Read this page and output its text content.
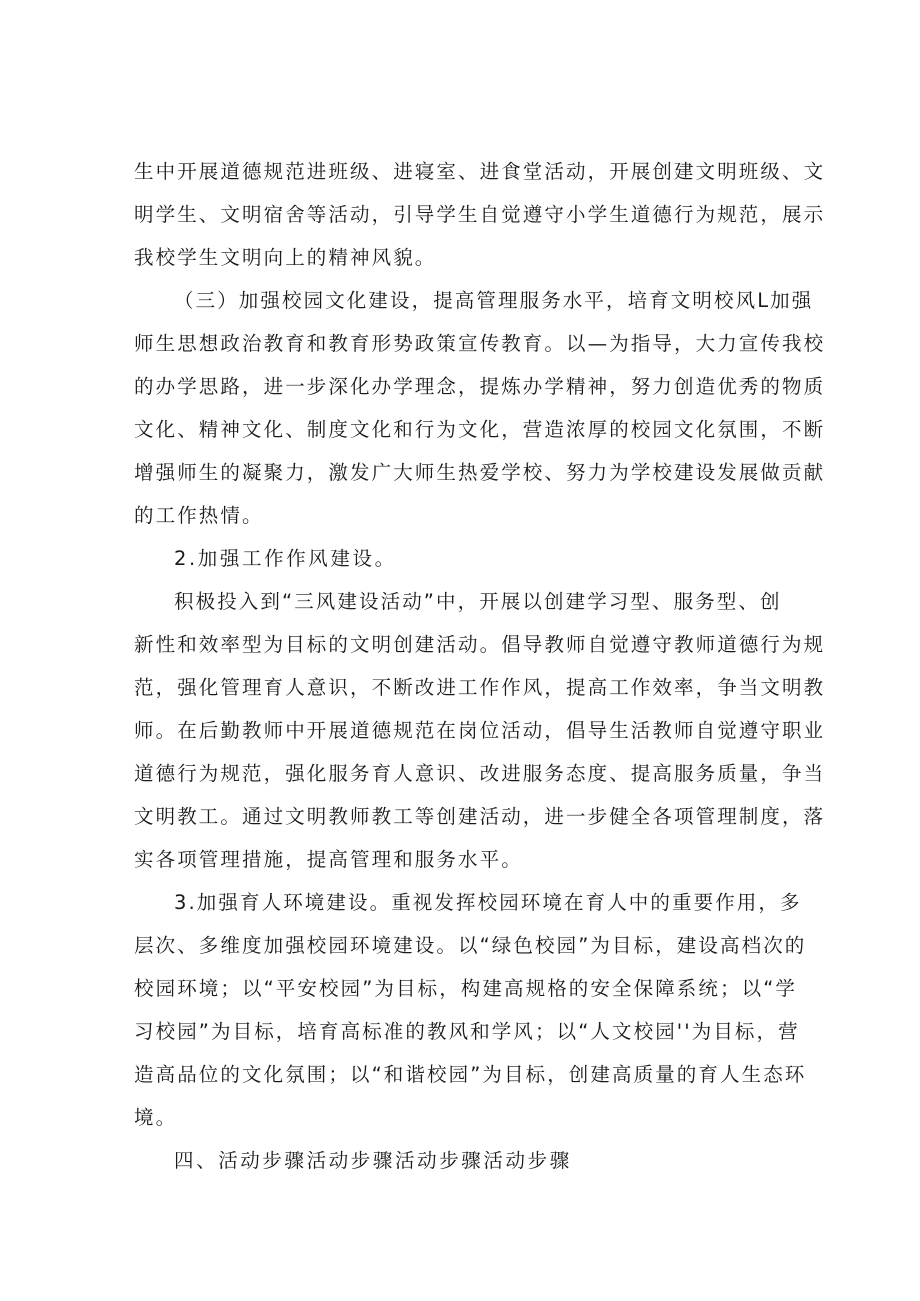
生中开展道德规范进班级、进寝室、进食堂活动，开展创建文明班级、文
明学生、文明宿舍等活动，引导学生自觉遵守小学生道德行为规范，展示
我校学生文明向上的精神风貌。
（三）加强校园文化建设，提高管理服务水平，培育文明校风L加强
师生思想政治教育和教育形势政策宣传教育。以—为指导，大力宣传我校
的办学思路，进一步深化办学理念，提炼办学精神，努力创造优秀的物质
文化、精神文化、制度文化和行为文化，营造浓厚的校园文化氛围，不断
增强师生的凝聚力，激发广大师生热爱学校、努力为学校建设发展做贡献
的工作热情。
2.加强工作作风建设。
积极投入到“三风建设活动”中，开展以创建学习型、服务型、创
新性和效率型为目标的文明创建活动。倡导教师自觉遵守教师道德行为规
范，强化管理育人意识，不断改进工作作风，提高工作效率，争当文明教
师。在后勤教师中开展道德规范在岗位活动，倡导生活教师自觉遵守职业
道德行为规范，强化服务育人意识、改进服务态度、提高服务质量，争当
文明教工。通过文明教师教工等创建活动，进一步健全各项管理制度，落
实各项管理措施，提高管理和服务水平。
3.加强育人环境建设。重视发挥校园环境在育人中的重要作用，多
层次、多维度加强校园环境建设。以“绿色校园”为目标，建设高档次的
校园环境；以“平安校园”为目标，构建高规格的安全保障系统；以“学
习校园”为目标，培育高标准的教风和学风；以“人文校园''为目标，营
造高品位的文化氛围；以“和谐校园”为目标，创建高质量的育人生态环
境。
四、活动步骤活动步骤活动步骤活动步骤
